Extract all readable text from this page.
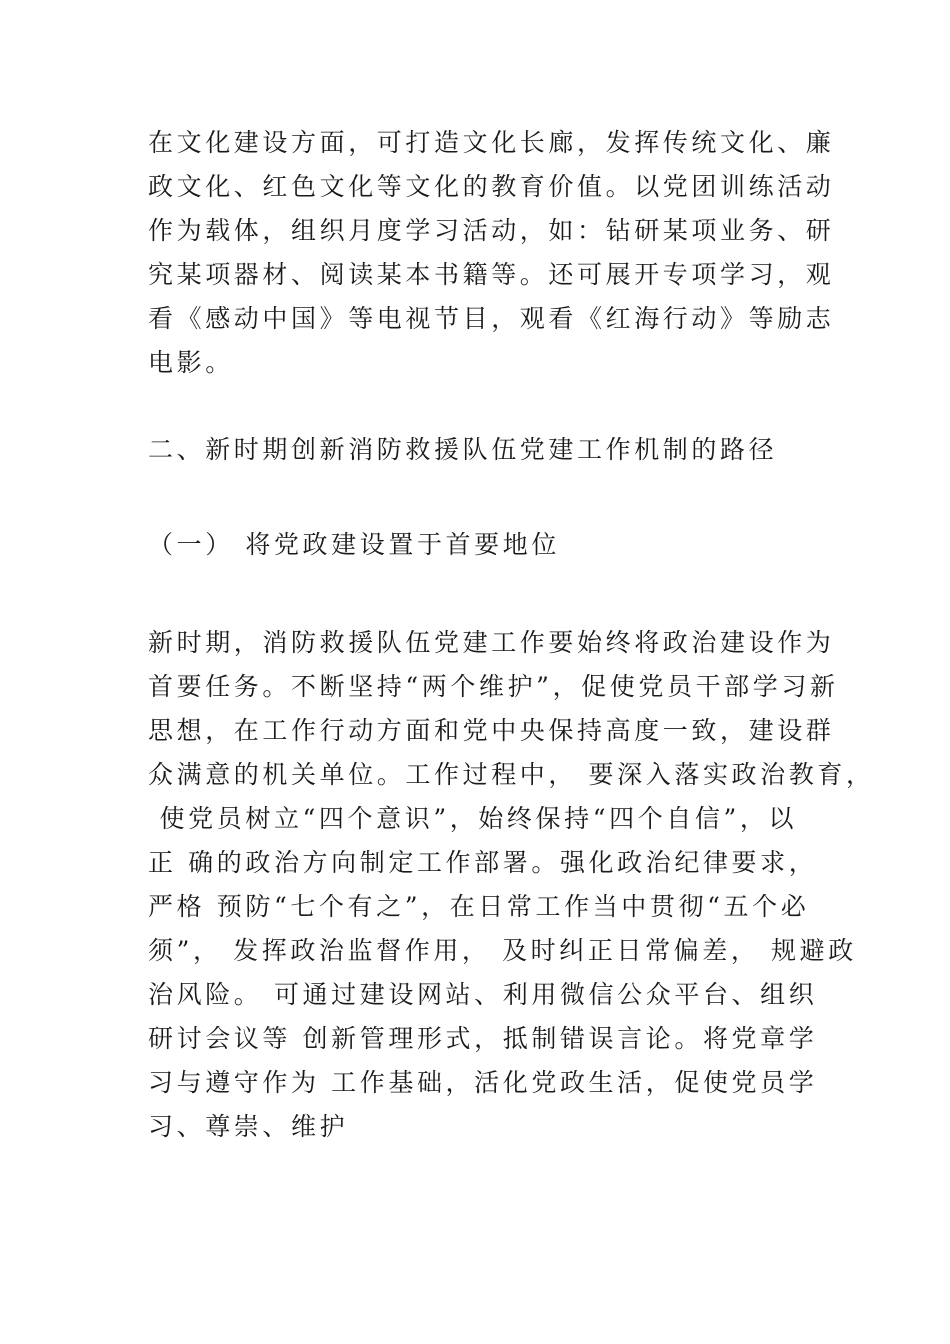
在文化建设方面，可打造文化长廊，发挥传统文化、廉
政文化、红色文化等文化的教育价值。以党团训练活动
作为载体，组织月度学习活动，如：钻研某项业务、研
究某项器材、阅读某本书籍等。还可展开专项学习，观
看《感动中国》等电视节目，观看《红海行动》等励志
电影。
二、新时期创新消防救援队伍党建工作机制的路径
（一） 将党政建设置于首要地位
新时期，消防救援队伍党建工作要始终将政治建设作为
首要任务。不断坚持“两个维护”，促使党员干部学习新
思想，在工作行动方面和党中央保持高度一致，建设群
众满意的机关单位。工作过程中， 要深入落实政治教育，
使党员树立“四个意识”，始终保持“四个自信”，以
正 确的政治方向制定工作部署。强化政治纪律要求，
严格 预防“七个有之”，在日常工作当中贯彻“五个必
须”， 发挥政治监督作用， 及时纠正日常偏差， 规避政
治风险。 可通过建设网站、利用微信公众平台、组织
研讨会议等 创新管理形式，抵制错误言论。将党章学
习与遵守作为 工作基础，活化党政生活，促使党员学
习、尊崇、维护
